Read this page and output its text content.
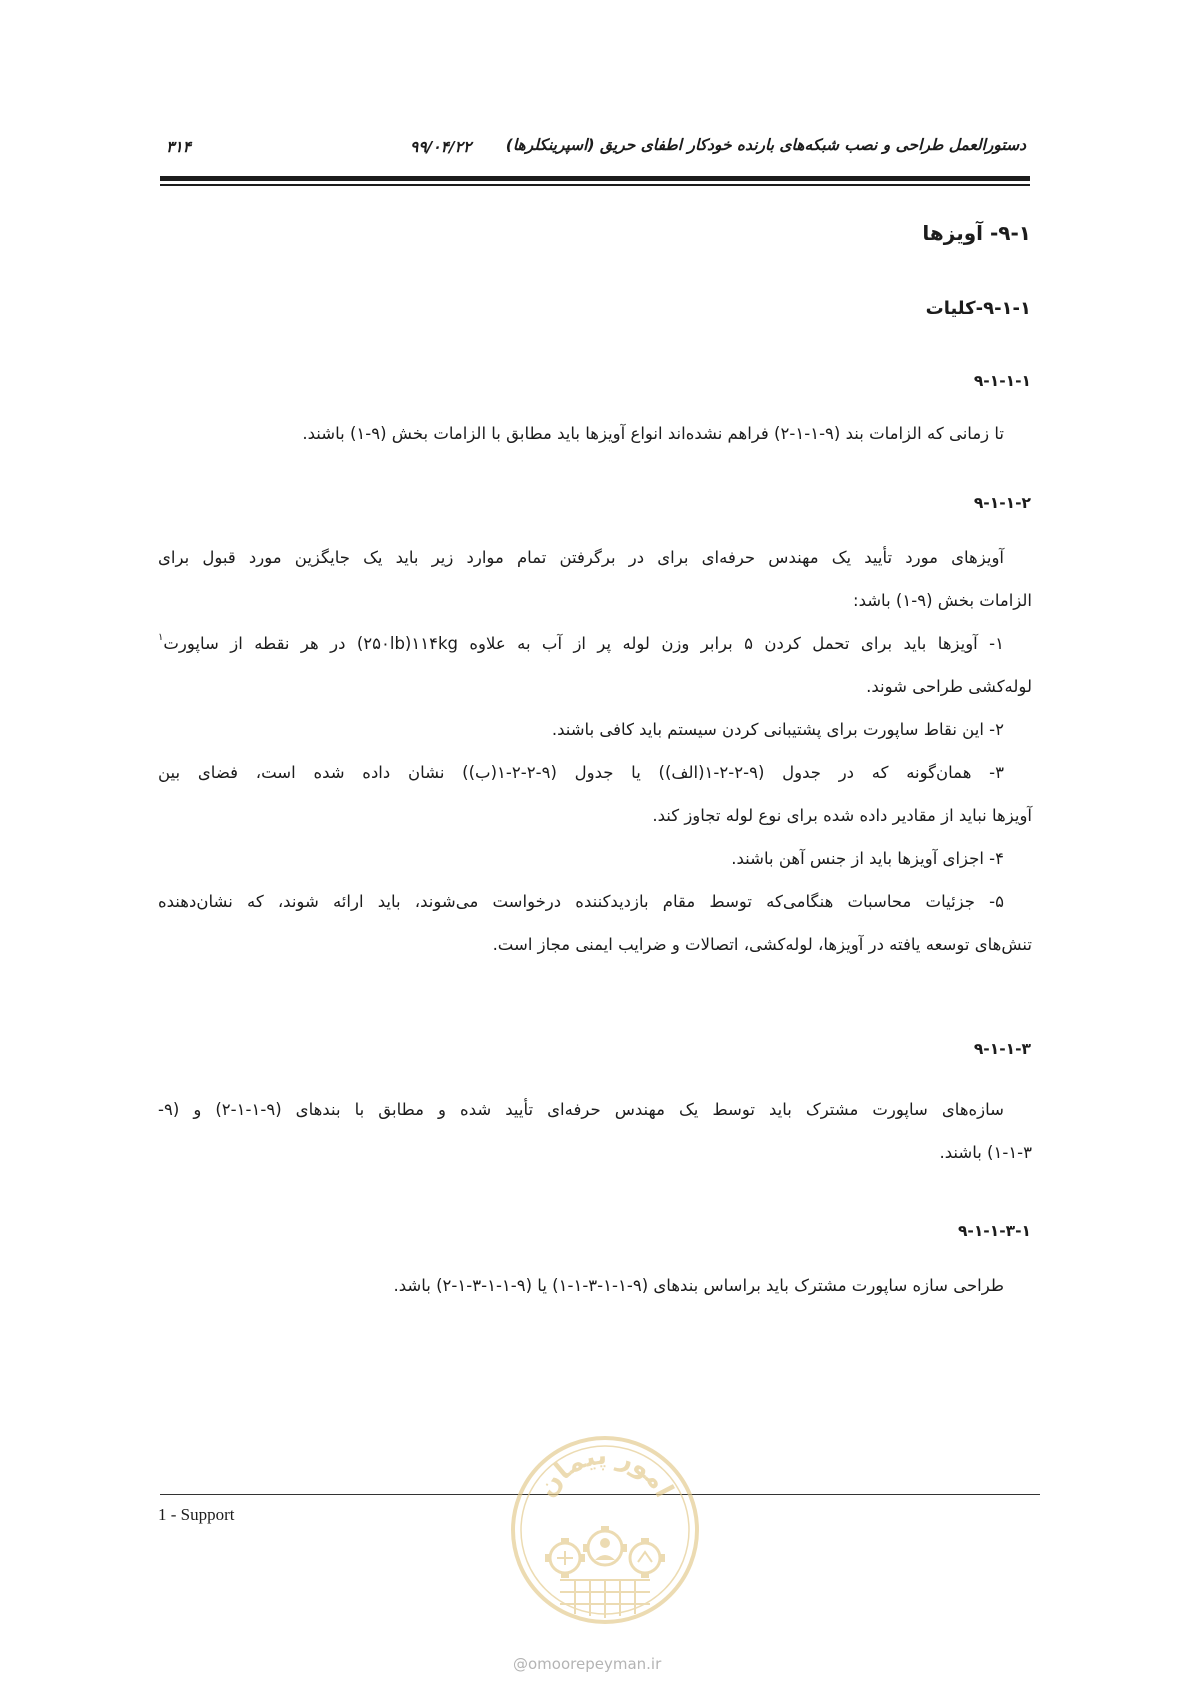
۳۱۴	۹۹/۰۴/۲۲ دستورالعمل طراحی و نصب شبکه‌های بارنده خودکار اطفای حریق (اسپرینکلرها)
۹-۱- آویزها
۹-۱-۱-کلیات
۹-۱-۱-۱
تا زمانی که الزامات بند (۹-۱-۱-۲) فراهم نشده‌اند انواع آویزها باید مطابق با الزامات بخش (۹-۱) باشند.
۹-۱-۱-۲
آویزهای مورد تأیید یک مهندس حرفه‌ای برای در برگرفتن تمام موارد زیر باید یک جایگزین مورد قبول برای
الزامات بخش (۹-۱) باشد:
۱- آویزها باید برای تحمل کردن ۵ برابر وزن لوله پر از آب به علاوه ۱۱۴kg(۲۵۰lb) در هر نقطه از ساپورت$^۱$
لوله‌کشی طراحی شوند.
۲- این نقاط ساپورت برای پشتیبانی کردن سیستم باید کافی باشند.
۳- همان‌گونه که در جدول (۹-۲-۲-۱(الف)) یا جدول (۹-۲-۲-۱(ب)) نشان داده شده است، فضای بین
آویزها نباید از مقادیر داده شده برای نوع لوله تجاوز کند.
۴- اجزای آویزها باید از جنس آهن باشند.
۵- جزئیات محاسبات هنگامی‌که توسط مقام بازدیدکننده درخواست می‌شوند، باید ارائه شوند، که نشان‌دهنده
تنش‌های توسعه یافته در آویزها، لوله‌کشی، اتصالات و ضرایب ایمنی مجاز است.
۹-۱-۱-۳
سازه‌های ساپورت مشترک باید توسط یک مهندس حرفه‌ای تأیید شده و مطابق با بندهای (۹-۱-۱-۲) و (۹-
۱-۱-۳) باشند.
۹-۱-۱-۳-۱
طراحی سازه ساپورت مشترک باید براساس بندهای (۹-۱-۱-۳-۱-۱) یا (۹-۱-۱-۳-۱-۲) باشد.
1 - Support
امور پیمان
@omoorepeyman.ir
